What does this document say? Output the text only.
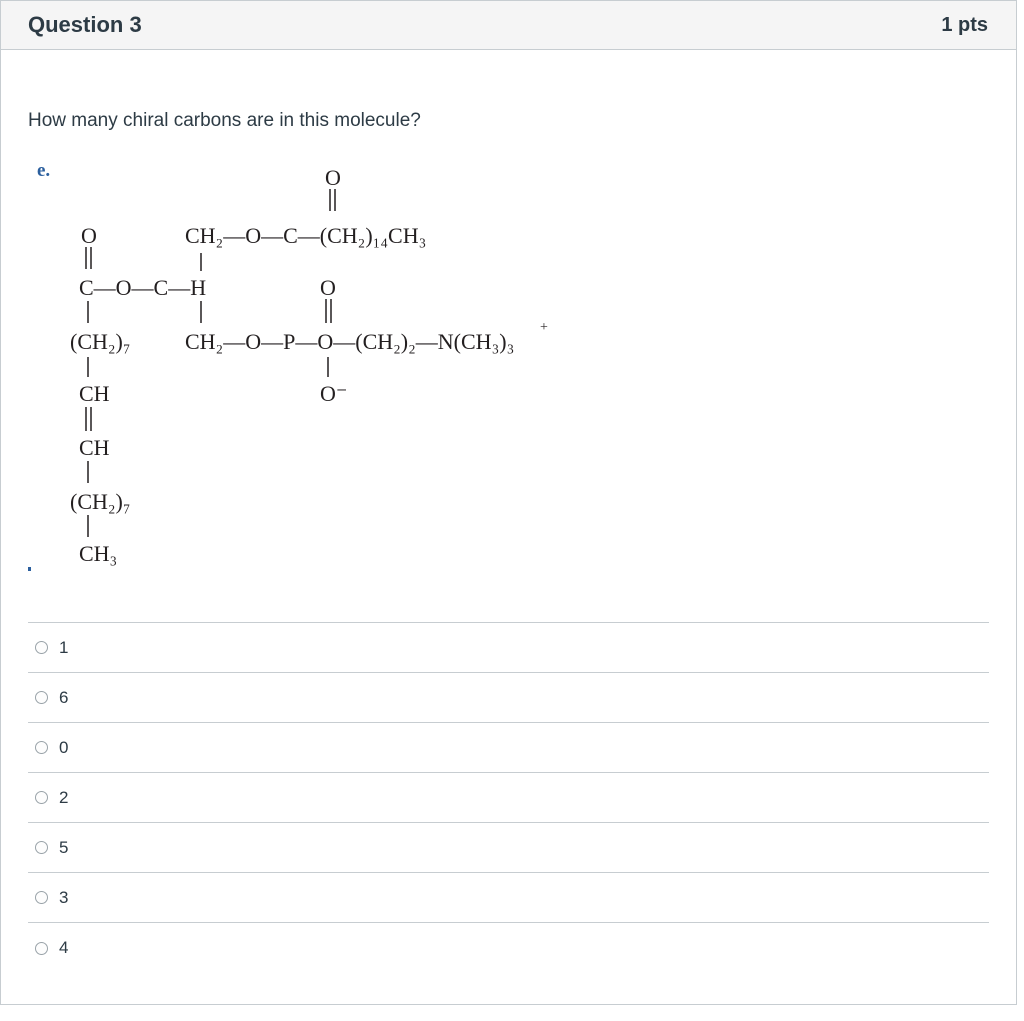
Question 3	1 pts
How many chiral carbons are in this molecule?
e.	O
CH₂—O—C—(CH₂)₁₄CH₃
O
C—O—C—H	O
(CH₂)₇
+
CH₂—O—P—O—(CH₂)₂—N(CH₃)₃
CH	O⁻
CH
(CH₂)₇
CH₃
1
6
0
2
5
3
4
